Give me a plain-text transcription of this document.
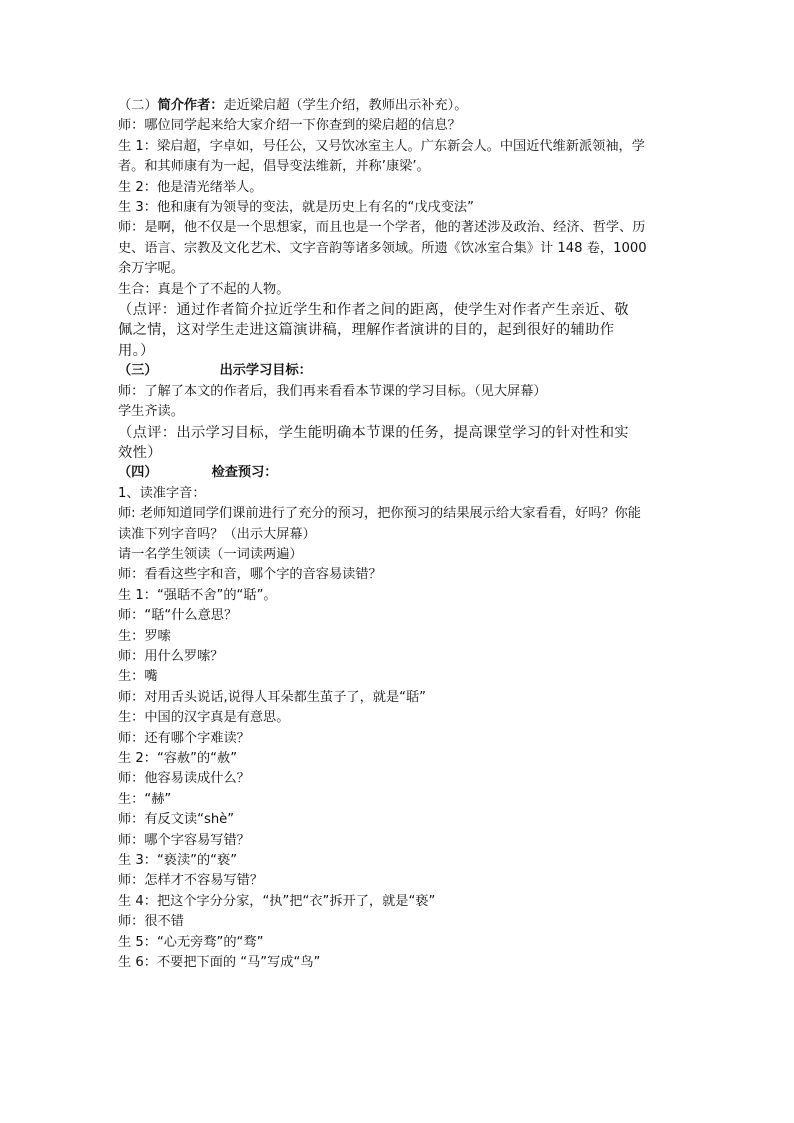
（二）简介作者：走近梁启超（学生介绍，教师出示补充）。

师：哪位同学起来给大家介绍一下你查到的梁启超的信息？

生 1：梁启超，字卓如，号任公，又号饮冰室主人。广东新会人。中国近代维新派领袖，学

者。和其师康有为一起，倡导变法维新，并称’康梁’。

生 2：他是清光绪举人。

生 3：他和康有为领导的变法，就是历史上有名的“戊戌变法”

师：是啊，他不仅是一个思想家，而且也是一个学者，他的著述涉及政治、经济、哲学、历

史、语言、宗教及文化艺术、文字音韵等诸多领域。所遗《饮冰室合集》计 148 卷，1000

余万字呢。

生合：真是个了不起的人物。

（点评：通过作者简介拉近学生和作者之间的距离，使学生对作者产生亲近、敬

佩之情，这对学生走进这篇演讲稿，理解作者演讲的目的，起到很好的辅助作

用。）

（三）	出示学习目标：

师：了解了本文的作者后，我们再来看看本节课的学习目标。（见大屏幕）

学生齐读。

（点评：出示学习目标，学生能明确本节课的任务，提高课堂学习的针对性和实

效性）

（四）	检查预习：

1、读准字音：

师: 老师知道同学们课前进行了充分的预习，把你预习的结果展示给大家看看，好吗？你能

读准下列字音吗？（出示大屏幕）

请一名学生领读（一词读两遍）

师：看看这些字和音，哪个字的音容易读错？

生 1：“强聒不舍”的“聒”。

师：“聒“什么意思？

生：罗嗦

师：用什么罗嗦？

生：嘴

师：对用舌头说话,说得人耳朵都生茧子了，就是“聒”

生：中国的汉字真是有意思。

师：还有哪个字难读？

生 2：“容赦”的“赦”

师：他容易读成什么？

生：“赫”

师：有反文读“shè”

师：哪个字容易写错？

生 3：“亵渎”的“亵”

师：怎样才不容易写错？

生 4：把这个字分分家，“执”把“衣”拆开了，就是“亵”

师：很不错

生 5：“心无旁骛”的“骛”

生 6：不要把下面的 “马”写成“鸟”
